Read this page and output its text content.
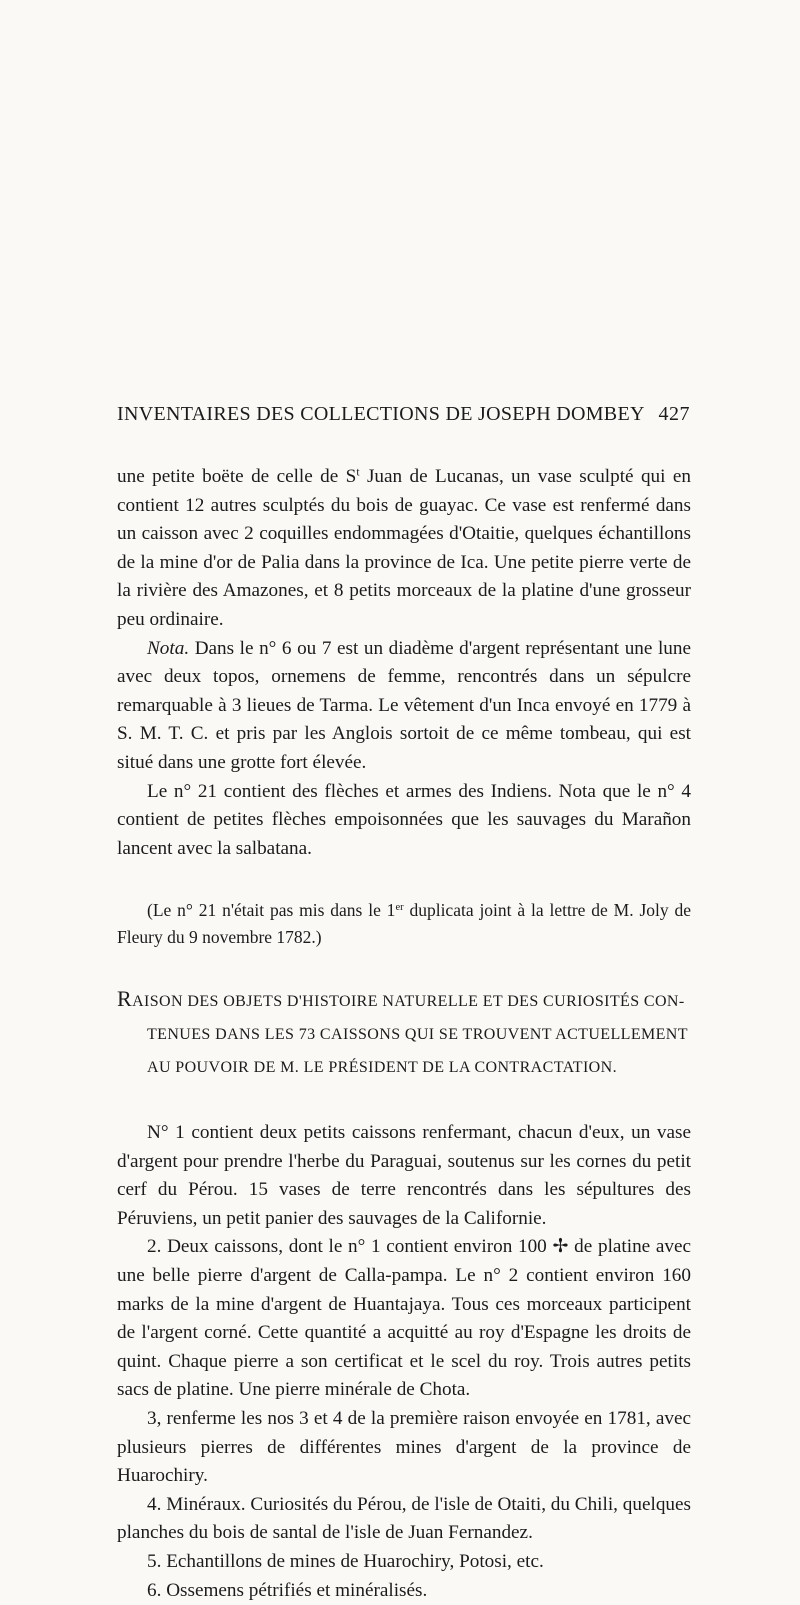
INVENTAIRES DES COLLECTIONS DE JOSEPH DOMBEY 427

une petite boëte de celle de $S^t$ Juan de Lucanas, un vase sculpté qui en contient 12 autres sculptés du bois de guayac. Ce vase est renfermé dans un caisson avec 2 coquilles endommagées d'Otaitie, quelques échantillons de la mine d'or de Palia dans la province de Ica. Une petite pierre verte de la rivière des Amazones, et 8 petits morceaux de la platine d'une grosseur peu ordinaire.

Nota. Dans le n° 6 ou 7 est un diadème d'argent représentant une lune avec deux topos, ornemens de femme, rencontrés dans un sépulcre remarquable à 3 lieues de Tarma. Le vêtement d'un Inca envoyé en 1779 à S. M. T. C. et pris par les Anglois sortoit de ce même tombeau, qui est situé dans une grotte fort élevée.

Le n° 21 contient des flèches et armes des Indiens. Nota que le n° 4 contient de petites flèches empoisonnées que les sauvages du Marañon lancent avec la salbatana.

(Le n° 21 n'était pas mis dans le 1er duplicata joint à la lettre de M. Joly de Fleury du 9 novembre 1782.)

RAISON DES OBJETS D'HISTOIRE NATURELLE ET DES CURIOSITÉS CON-
TENUES DANS LES 73 CAISSONS QUI SE TROUVENT ACTUELLEMENT
AU POUVOIR DE M. LE PRÉSIDENT DE LA CONTRACTATION.

N° 1 contient deux petits caissons renfermant, chacun d'eux, un vase d'argent pour prendre l'herbe du Paraguai, soutenus sur les cornes du petit cerf du Pérou. 15 vases de terre rencontrés dans les sépultures des Péruviens, un petit panier des sauvages de la Californie.

2. Deux caissons, dont le n° 1 contient environ 100 ✢ de platine avec une belle pierre d'argent de Calla-pampa. Le n° 2 contient environ 160 marks de la mine d'argent de Huantajaya. Tous ces morceaux participent de l'argent corné. Cette quantité a acquitté au roy d'Espagne les droits de quint. Chaque pierre a son certificat et le scel du roy. Trois autres petits sacs de platine. Une pierre minérale de Chota.

3, renferme les nos 3 et 4 de la première raison envoyée en 1781, avec plusieurs pierres de différentes mines d'argent de la province de Huarochiry.

4. Minéraux. Curiosités du Pérou, de l'isle de Otaiti, du Chili, quelques planches du bois de santal de l'isle de Juan Fernandez.

5. Echantillons de mines de Huarochiry, Potosi, etc.

6. Ossemens pétrifiés et minéralisés.
